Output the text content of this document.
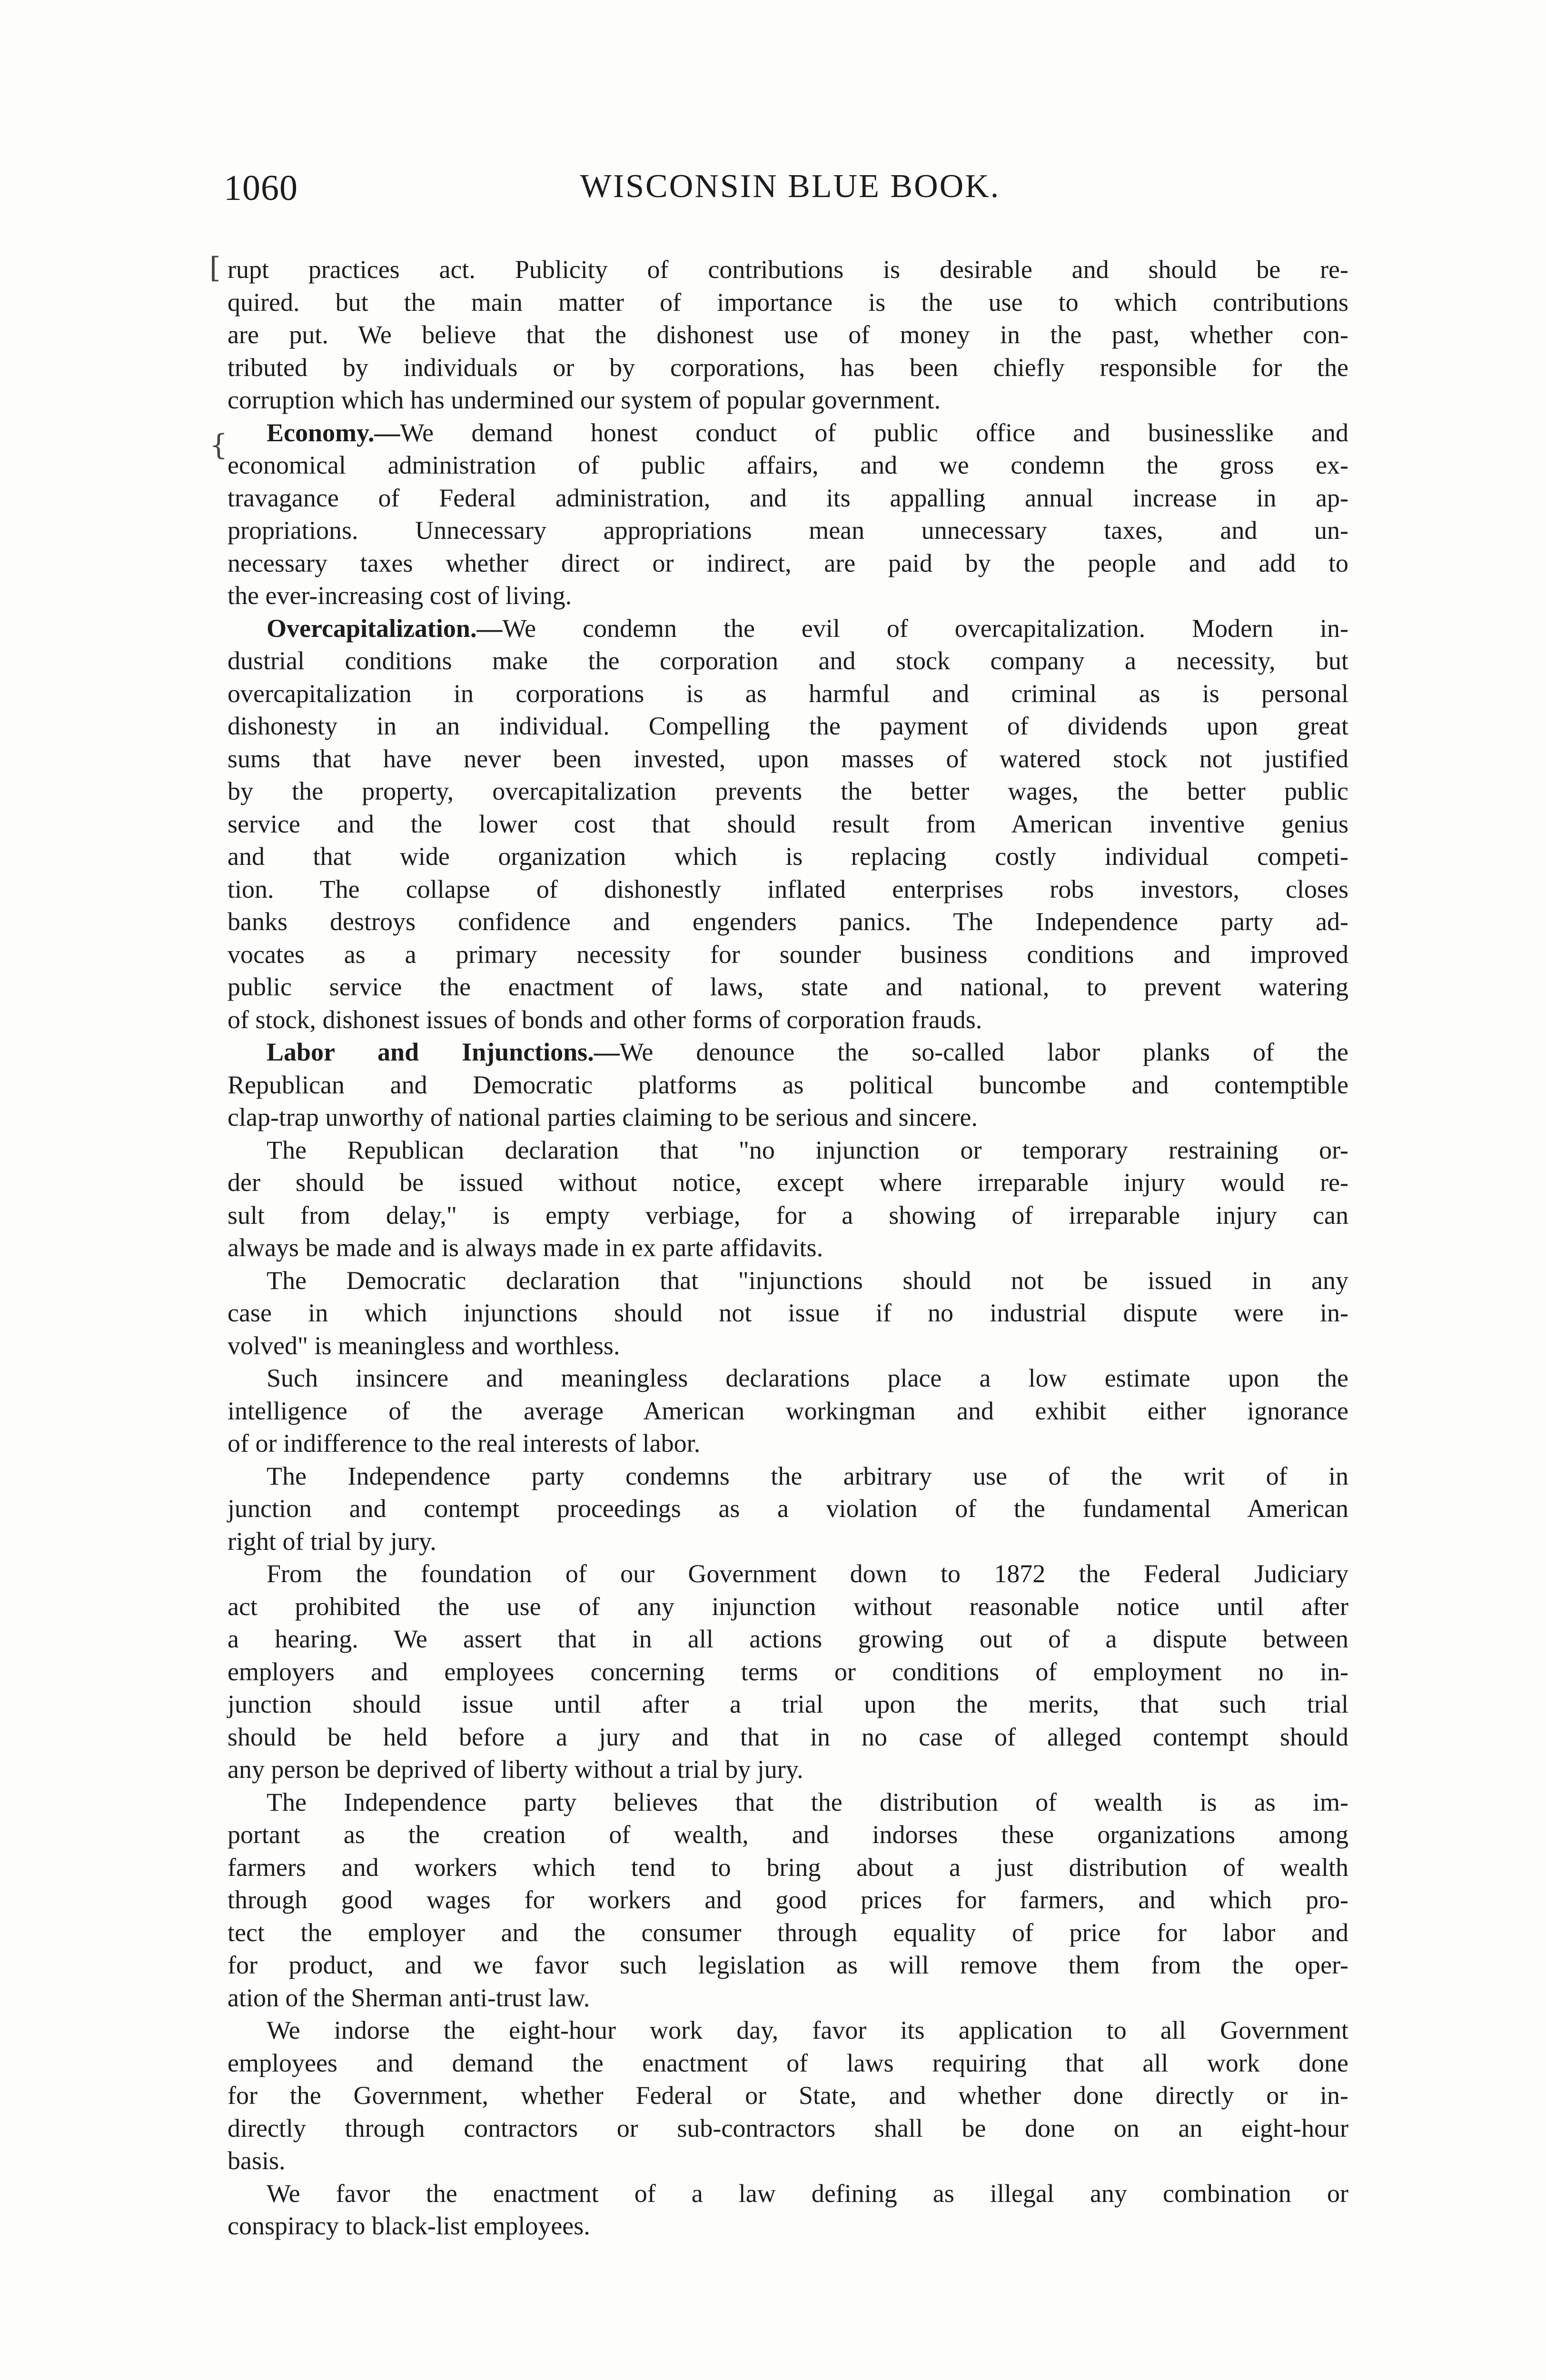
1060	WISCONSIN BLUE BOOK.
[
{
rupt practices act. Publicity of contributions is desirable and should be re-
quired. but the main matter of importance is the use to which contributions
are put. We believe that the dishonest use of money in the past, whether con-
tributed by individuals or by corporations, has been chiefly responsible for the
corruption which has undermined our system of popular government.
Economy.—We demand honest conduct of public office and businesslike and
economical administration of public affairs, and we condemn the gross ex-
travagance of Federal administration, and its appalling annual increase in ap-
propriations. Unnecessary appropriations mean unnecessary taxes, and un-
necessary taxes whether direct or indirect, are paid by the people and add to
the ever-increasing cost of living.
Overcapitalization.—We condemn the evil of overcapitalization. Modern in-
dustrial conditions make the corporation and stock company a necessity, but
overcapitalization in corporations is as harmful and criminal as is personal
dishonesty in an individual. Compelling the payment of dividends upon great
sums that have never been invested, upon masses of watered stock not justified
by the property, overcapitalization prevents the better wages, the better public
service and the lower cost that should result from American inventive genius
and that wide organization which is replacing costly individual competi-
tion. The collapse of dishonestly inflated enterprises robs investors, closes
banks destroys confidence and engenders panics. The Independence party ad-
vocates as a primary necessity for sounder business conditions and improved
public service the enactment of laws, state and national, to prevent watering
of stock, dishonest issues of bonds and other forms of corporation frauds.
Labor and Injunctions.—We denounce the so-called labor planks of the
Republican and Democratic platforms as political buncombe and contemptible
clap-trap unworthy of national parties claiming to be serious and sincere.
The Republican declaration that "no injunction or temporary restraining or-
der should be issued without notice, except where irreparable injury would re-
sult from delay," is empty verbiage, for a showing of irreparable injury can
always be made and is always made in ex parte affidavits.
The Democratic declaration that "injunctions should not be issued in any
case in which injunctions should not issue if no industrial dispute were in-
volved" is meaningless and worthless.
Such insincere and meaningless declarations place a low estimate upon the
intelligence of the average American workingman and exhibit either ignorance
of or indifference to the real interests of labor.
The Independence party condemns the arbitrary use of the writ of in
junction and contempt proceedings as a violation of the fundamental American
right of trial by jury.
From the foundation of our Government down to 1872 the Federal Judiciary
act prohibited the use of any injunction without reasonable notice until after
a hearing. We assert that in all actions growing out of a dispute between
employers and employees concerning terms or conditions of employment no in-
junction should issue until after a trial upon the merits, that such trial
should be held before a jury and that in no case of alleged contempt should
any person be deprived of liberty without a trial by jury.
The Independence party believes that the distribution of wealth is as im-
portant as the creation of wealth, and indorses these organizations among
farmers and workers which tend to bring about a just distribution of wealth
through good wages for workers and good prices for farmers, and which pro-
tect the employer and the consumer through equality of price for labor and
for product, and we favor such legislation as will remove them from the oper-
ation of the Sherman anti-trust law.
We indorse the eight-hour work day, favor its application to all Government
employees and demand the enactment of laws requiring that all work done
for the Government, whether Federal or State, and whether done directly or in-
directly through contractors or sub-contractors shall be done on an eight-hour
basis.
We favor the enactment of a law defining as illegal any combination or
conspiracy to black-list employees.
